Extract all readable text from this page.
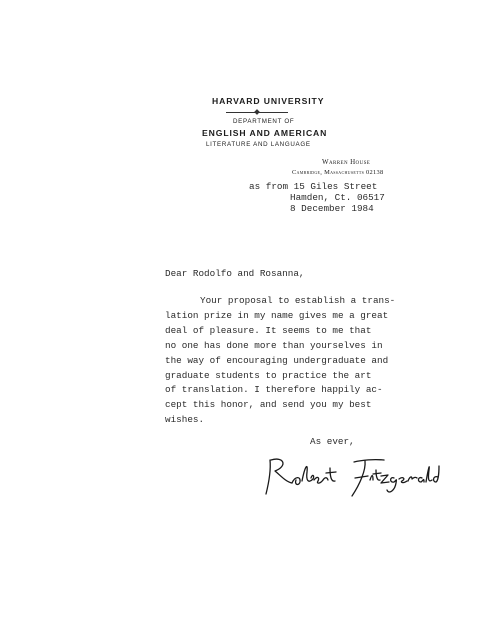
HARVARD UNIVERSITY
DEPARTMENT OF
ENGLISH AND AMERICAN
LITERATURE AND LANGUAGE
Warren House
Cambridge, Massachusetts 02138
as from 15 Giles Street
Hamden, Ct. 06517
8 December 1984
Dear Rodolfo and Rosanna,
Your proposal to establish a trans-
lation prize in my name gives me a great
deal of pleasure. It seems to me that
no one has done more than yourselves in
the way of encouraging undergraduate and
graduate students to practice the art
of translation. I therefore happily ac-
cept this honor, and send you my best
wishes.
As ever,
